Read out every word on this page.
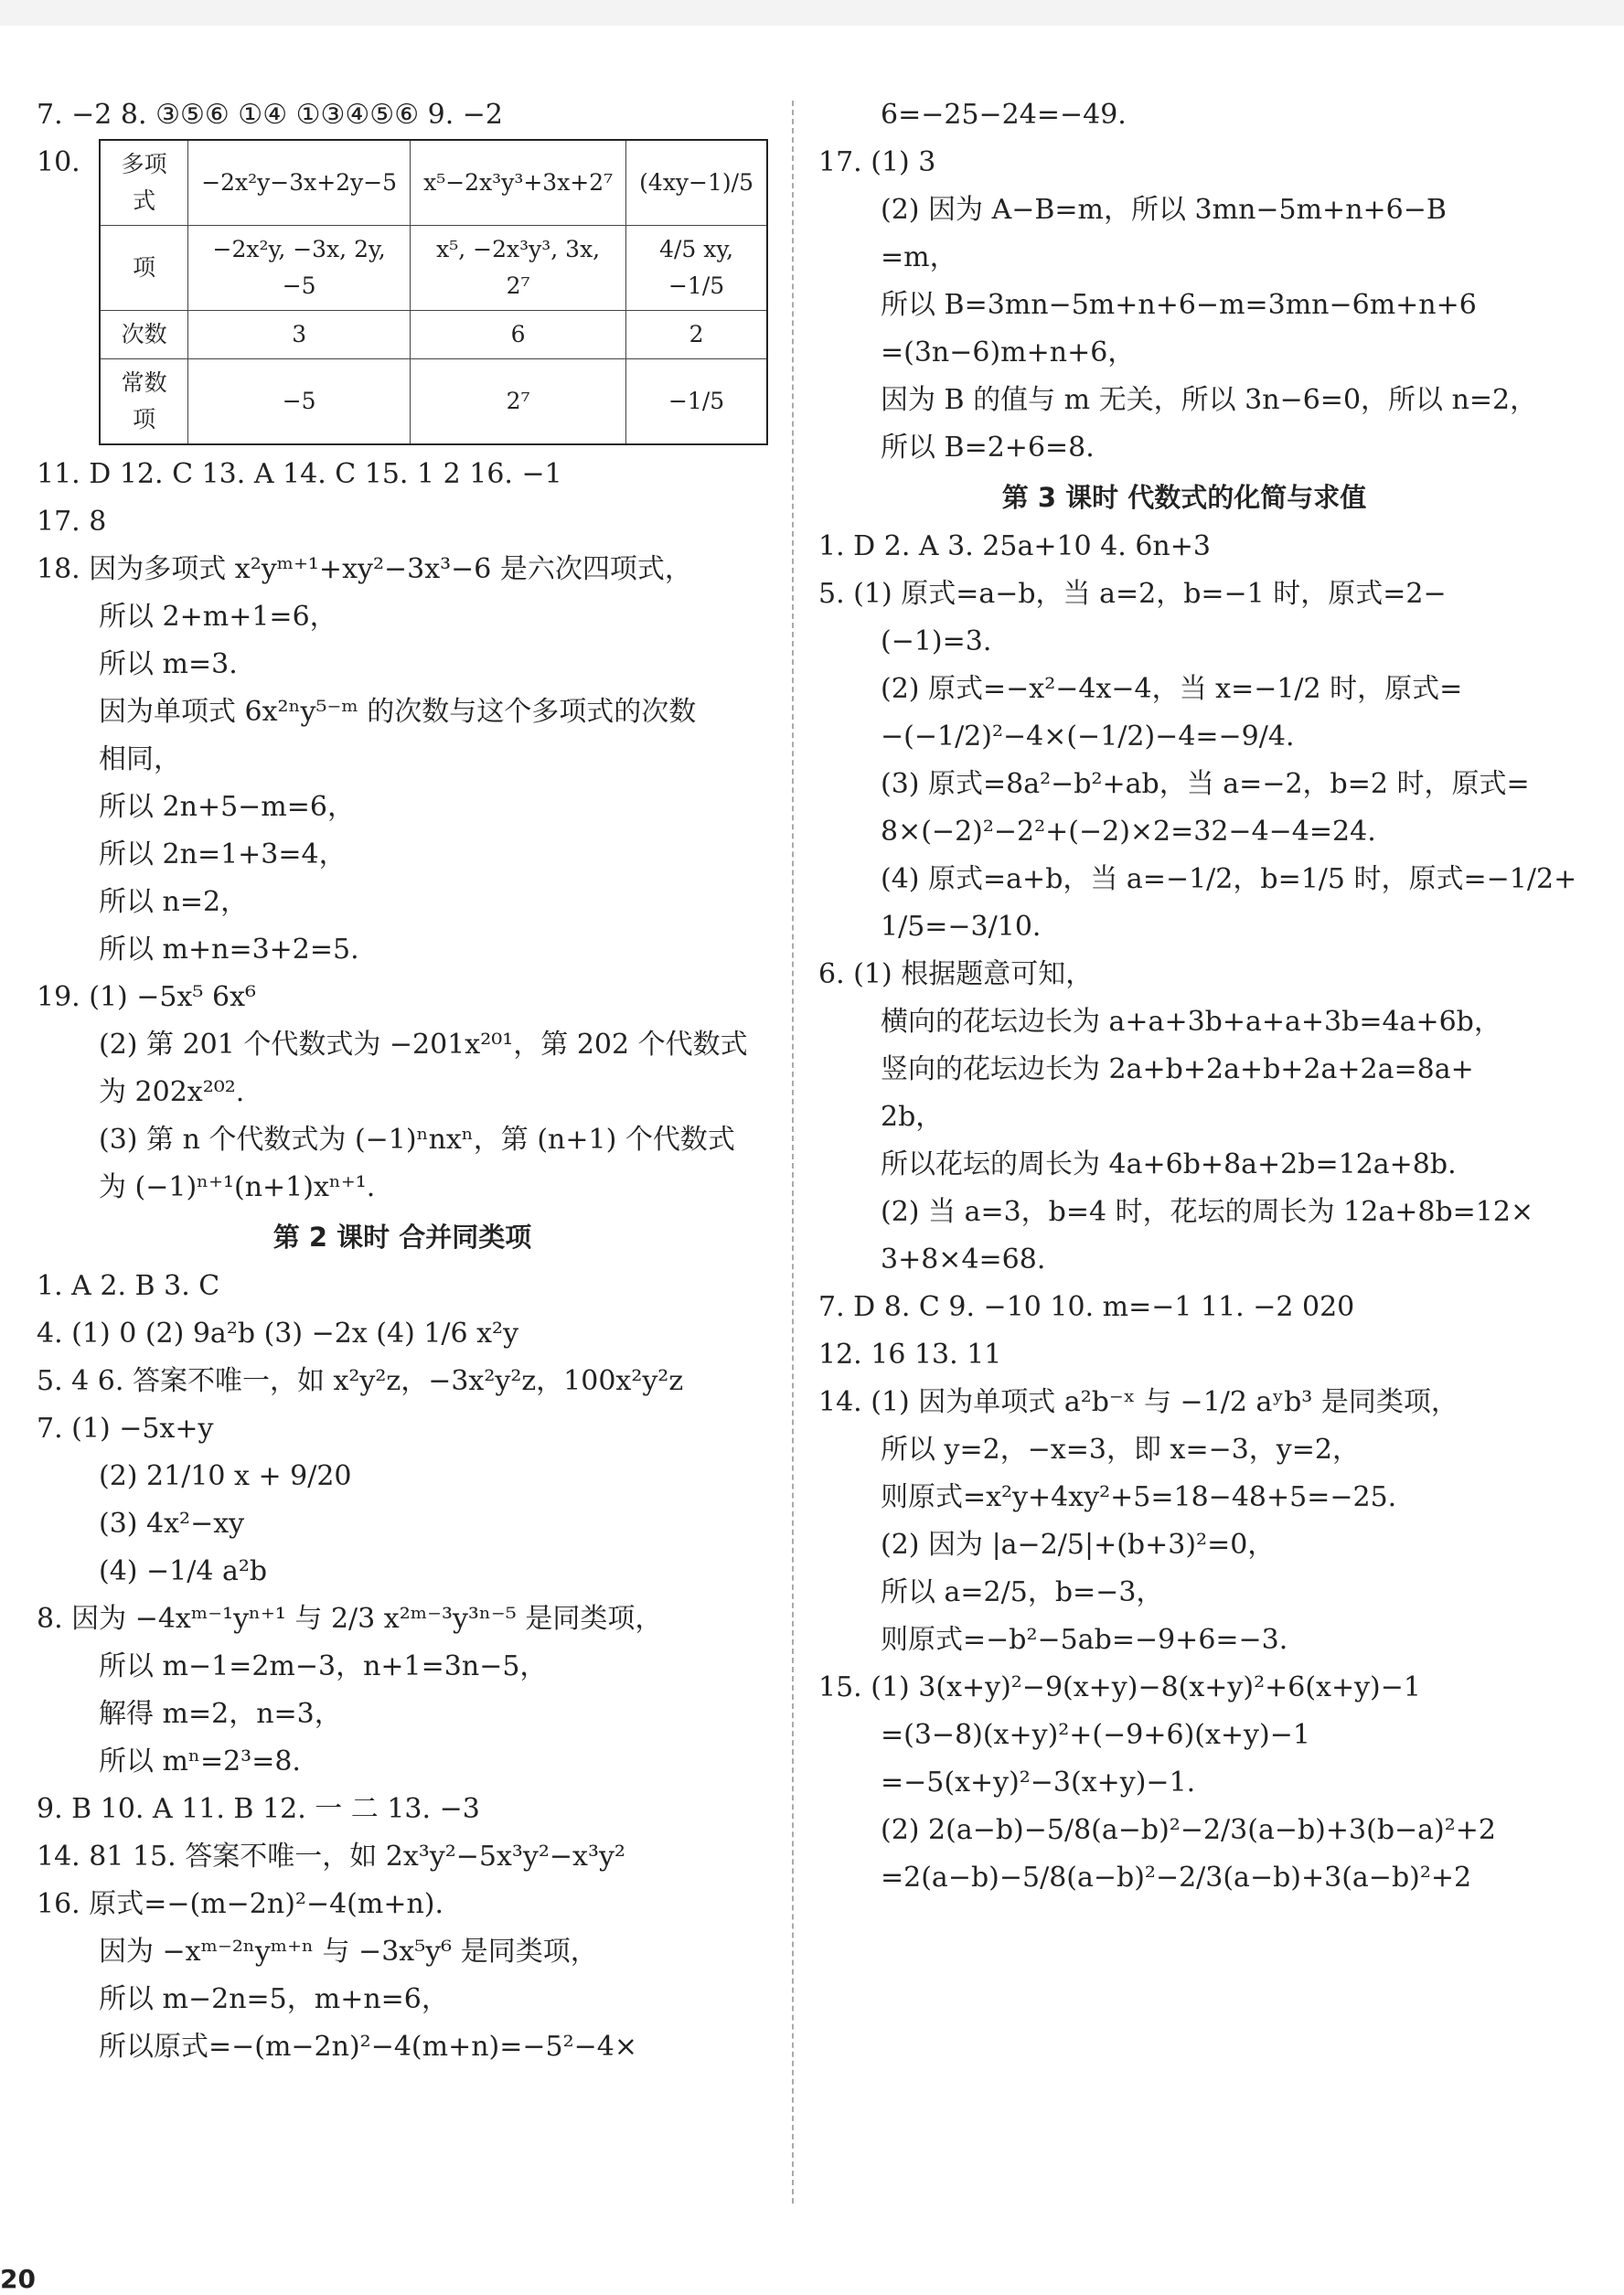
7. −2 8. ③⑤⑥ ①④ ①③④⑤⑥ 9. −2
10.	多项式	−2x²y−3x+2y−5	x⁵−2x³y³+3x+2⁷	(4xy−1)/5
项	−2x²y, −3x, 2y, −5	x⁵, −2x³y³, 3x, 2⁷	4/5 xy, −1/5
次数	3	6	2
常数项	−5	2⁷	−1/5
11. D 12. C 13. A 14. C 15. 1 2 16. −1
17. 8
18. 因为多项式 x²yᵐ⁺¹+xy²−3x³−6 是六次四项式，
所以 2+m+1=6，
所以 m=3.
因为单项式 6x²ⁿy⁵⁻ᵐ 的次数与这个多项式的次数
相同，
所以 2n+5−m=6，
所以 2n=1+3=4，
所以 n=2，
所以 m+n=3+2=5.
19. (1) −5x⁵ 6x⁶
(2) 第 201 个代数式为 −201x²⁰¹，第 202 个代数式
为 202x²⁰².
(3) 第 n 个代数式为 (−1)ⁿnxⁿ，第 (n+1) 个代数式
为 (−1)ⁿ⁺¹(n+1)xⁿ⁺¹.
第 2 课时 合并同类项
1. A 2. B 3. C
4. (1) 0 (2) 9a²b (3) −2x (4) 1/6 x²y
5. 4 6. 答案不唯一，如 x²y²z，−3x²y²z，100x²y²z
7. (1) −5x+y
(2) 21/10 x + 9/20
(3) 4x²−xy
(4) −1/4 a²b
8. 因为 −4xᵐ⁻¹yⁿ⁺¹ 与 2/3 x²ᵐ⁻³y³ⁿ⁻⁵ 是同类项，
所以 m−1=2m−3，n+1=3n−5，
解得 m=2，n=3，
所以 mⁿ=2³=8.
9. B 10. A 11. B 12. 一 二 13. −3
14. 81 15. 答案不唯一，如 2x³y²−5x³y²−x³y²
16. 原式=−(m−2n)²−4(m+n).
因为 −xᵐ⁻²ⁿyᵐ⁺ⁿ 与 −3x⁵y⁶ 是同类项，
所以 m−2n=5，m+n=6，
所以原式=−(m−2n)²−4(m+n)=−5²−4×
6=−25−24=−49.
17. (1) 3
(2) 因为 A−B=m，所以 3mn−5m+n+6−B
=m，
所以 B=3mn−5m+n+6−m=3mn−6m+n+6
=(3n−6)m+n+6，
因为 B 的值与 m 无关，所以 3n−6=0，所以 n=2，
所以 B=2+6=8.
第 3 课时 代数式的化简与求值
1. D 2. A 3. 25a+10 4. 6n+3
5. (1) 原式=a−b，当 a=2，b=−1 时，原式=2−
(−1)=3.
(2) 原式=−x²−4x−4，当 x=−1/2 时，原式=
−(−1/2)²−4×(−1/2)−4=−9/4.
(3) 原式=8a²−b²+ab，当 a=−2，b=2 时，原式=
8×(−2)²−2²+(−2)×2=32−4−4=24.
(4) 原式=a+b，当 a=−1/2，b=1/5 时，原式=−1/2+
1/5=−3/10.
6. (1) 根据题意可知，
横向的花坛边长为 a+a+3b+a+a+3b=4a+6b，
竖向的花坛边长为 2a+b+2a+b+2a+2a=8a+
2b，
所以花坛的周长为 4a+6b+8a+2b=12a+8b.
(2) 当 a=3，b=4 时，花坛的周长为 12a+8b=12×
3+8×4=68.
7. D 8. C 9. −10 10. m=−1 11. −2 020
12. 16 13. 11
14. (1) 因为单项式 a²b⁻ˣ 与 −1/2 aʸb³ 是同类项，
所以 y=2，−x=3，即 x=−3，y=2，
则原式=x²y+4xy²+5=18−48+5=−25.
(2) 因为 |a−2/5|+(b+3)²=0，
所以 a=2/5，b=−3，
则原式=−b²−5ab=−9+6=−3.
15. (1) 3(x+y)²−9(x+y)−8(x+y)²+6(x+y)−1
=(3−8)(x+y)²+(−9+6)(x+y)−1
=−5(x+y)²−3(x+y)−1.
(2) 2(a−b)−5/8(a−b)²−2/3(a−b)+3(b−a)²+2
=2(a−b)−5/8(a−b)²−2/3(a−b)+3(a−b)²+2
20
